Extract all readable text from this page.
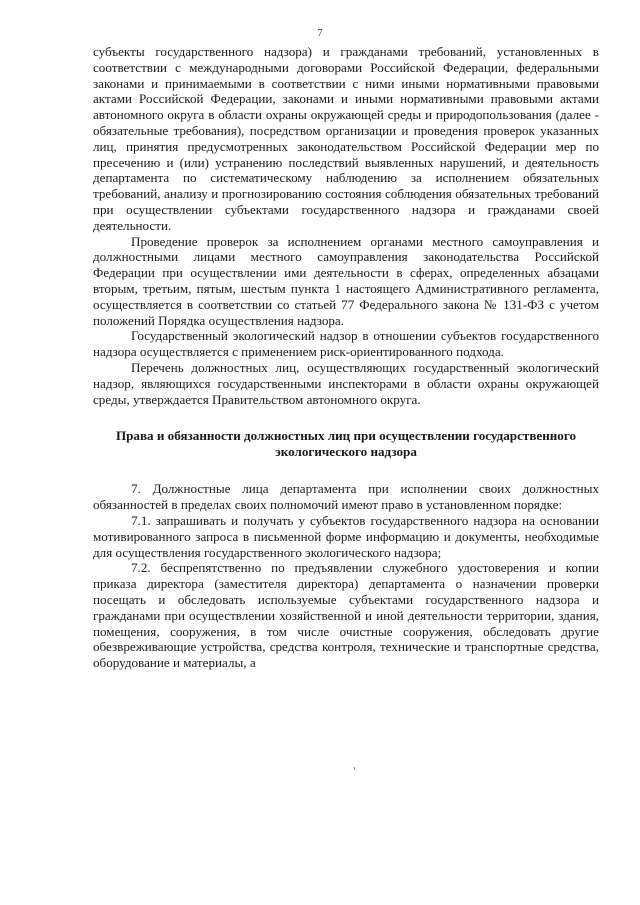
7

субъекты государственного надзора) и гражданами требований, установленных в соответствии с международными договорами Российской Федерации, федеральными законами и принимаемыми в соответствии с ними иными нормативными правовыми актами Российской Федерации, законами и иными нормативными правовыми актами автономного округа в области охраны окружающей среды и природопользования (далее - обязательные требования), посредством организации и проведения проверок указанных лиц, принятия предусмотренных законодательством Российской Федерации мер по пресечению и (или) устранению последствий выявленных нарушений, и деятельность департамента по систематическому наблюдению за исполнением обязательных требований, анализу и прогнозированию состояния соблюдения обязательных требований при осуществлении субъектами государственного надзора и гражданами своей деятельности.

Проведение проверок за исполнением органами местного самоуправления и должностными лицами местного самоуправления законодательства Российской Федерации при осуществлении ими деятельности в сферах, определенных абзацами вторым, третьим, пятым, шестым пункта 1 настоящего Административного регламента, осуществляется в соответствии со статьей 77 Федерального закона № 131-ФЗ с учетом положений Порядка осуществления надзора.

Государственный экологический надзор в отношении субъектов государственного надзора осуществляется с применением риск-ориентированного подхода.

Перечень должностных лиц, осуществляющих государственный экологический надзор, являющихся государственными инспекторами в области охраны окружающей среды, утверждается Правительством автономного округа.

Права и обязанности должностных лиц при осуществлении государственного экологического надзора

7. Должностные лица департамента при исполнении своих должностных обязанностей в пределах своих полномочий имеют право в установленном порядке:

7.1. запрашивать и получать у субъектов государственного надзора на основании мотивированного запроса в письменной форме информацию и документы, необходимые для осуществления государственного экологического надзора;

7.2. беспрепятственно по предъявлении служебного удостоверения и копии приказа директора (заместителя директора) департамента о назначении проверки посещать и обследовать используемые субъектами государственного надзора и гражданами при осуществлении хозяйственной и иной деятельности территории, здания, помещения, сооружения, в том числе очистные сооружения, обследовать другие обезвреживающие устройства, средства контроля, технические и транспортные средства, оборудование и материалы, а
